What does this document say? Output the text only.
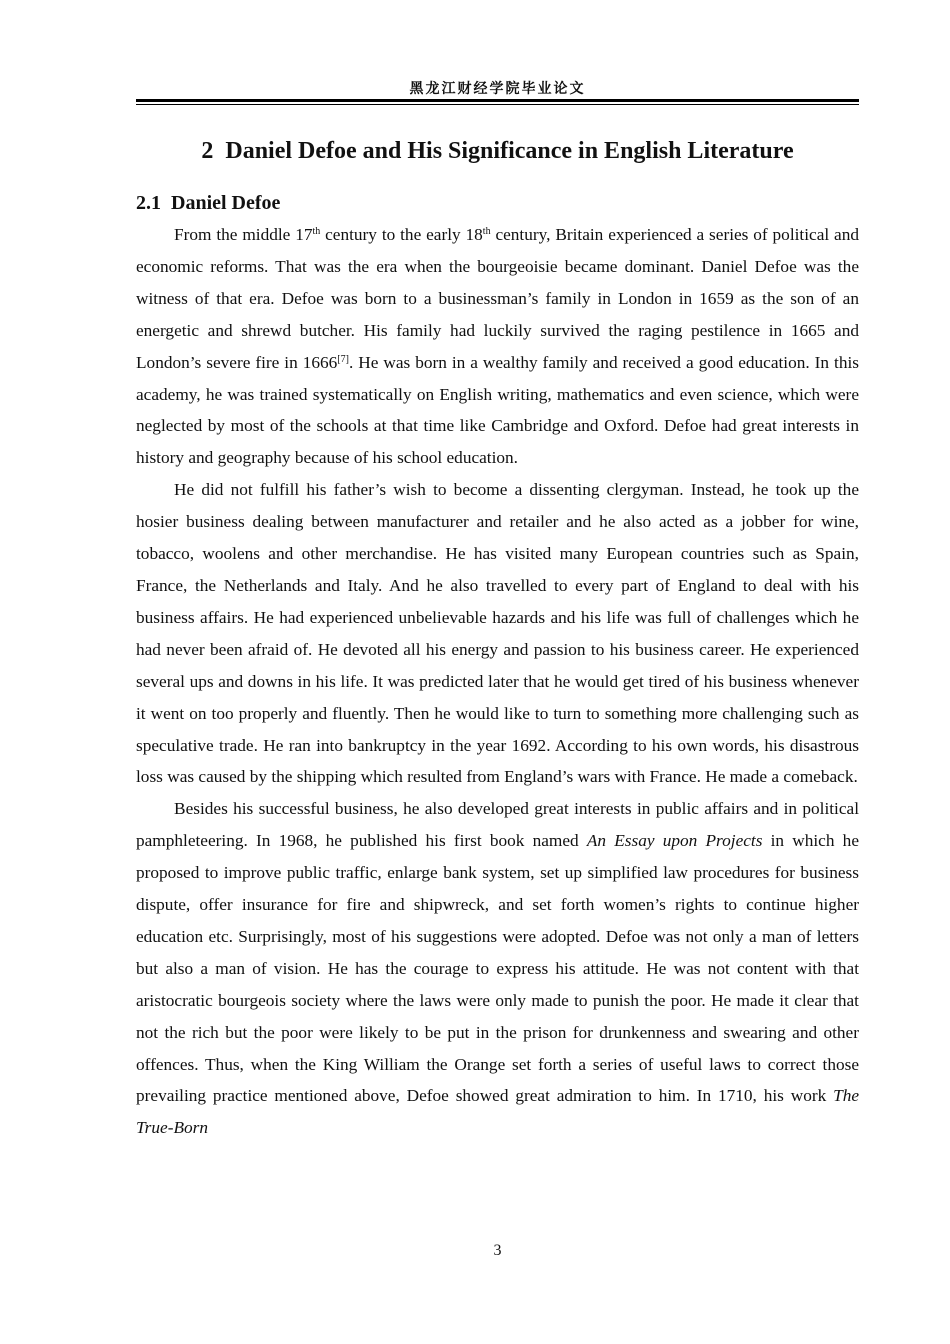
黑龙江财经学院毕业论文
2 Daniel Defoe and His Significance in English Literature
2.1 Daniel Defoe

From the middle 17th century to the early 18th century, Britain experienced a series of political and economic reforms. That was the era when the bourgeoisie became dominant. Daniel Defoe was the witness of that era. Defoe was born to a businessman’s family in London in 1659 as the son of an energetic and shrewd butcher. His family had luckily survived the raging pestilence in 1665 and London’s severe fire in 1666[7]. He was born in a wealthy family and received a good education. In this academy, he was trained systematically on English writing, mathematics and even science, which were neglected by most of the schools at that time like Cambridge and Oxford. Defoe had great interests in history and geography because of his school education.

He did not fulfill his father’s wish to become a dissenting clergyman. Instead, he took up the hosier business dealing between manufacturer and retailer and he also acted as a jobber for wine, tobacco, woolens and other merchandise. He has visited many European countries such as Spain, France, the Netherlands and Italy. And he also travelled to every part of England to deal with his business affairs. He had experienced unbelievable hazards and his life was full of challenges which he had never been afraid of. He devoted all his energy and passion to his business career. He experienced several ups and downs in his life. It was predicted later that he would get tired of his business whenever it went on too properly and fluently. Then he would like to turn to something more challenging such as speculative trade. He ran into bankruptcy in the year 1692. According to his own words, his disastrous loss was caused by the shipping which resulted from England’s wars with France. He made a comeback.

Besides his successful business, he also developed great interests in public affairs and in political pamphleteering. In 1968, he published his first book named An Essay upon Projects in which he proposed to improve public traffic, enlarge bank system, set up simplified law procedures for business dispute, offer insurance for fire and shipwreck, and set forth women’s rights to continue higher education etc. Surprisingly, most of his suggestions were adopted. Defoe was not only a man of letters but also a man of vision. He has the courage to express his attitude. He was not content with that aristocratic bourgeois society where the laws were only made to punish the poor. He made it clear that not the rich but the poor were likely to be put in the prison for drunkenness and swearing and other offences. Thus, when the King William the Orange set forth a series of useful laws to correct those prevailing practice mentioned above, Defoe showed great admiration to him. In 1710, his work The True-Born

3
